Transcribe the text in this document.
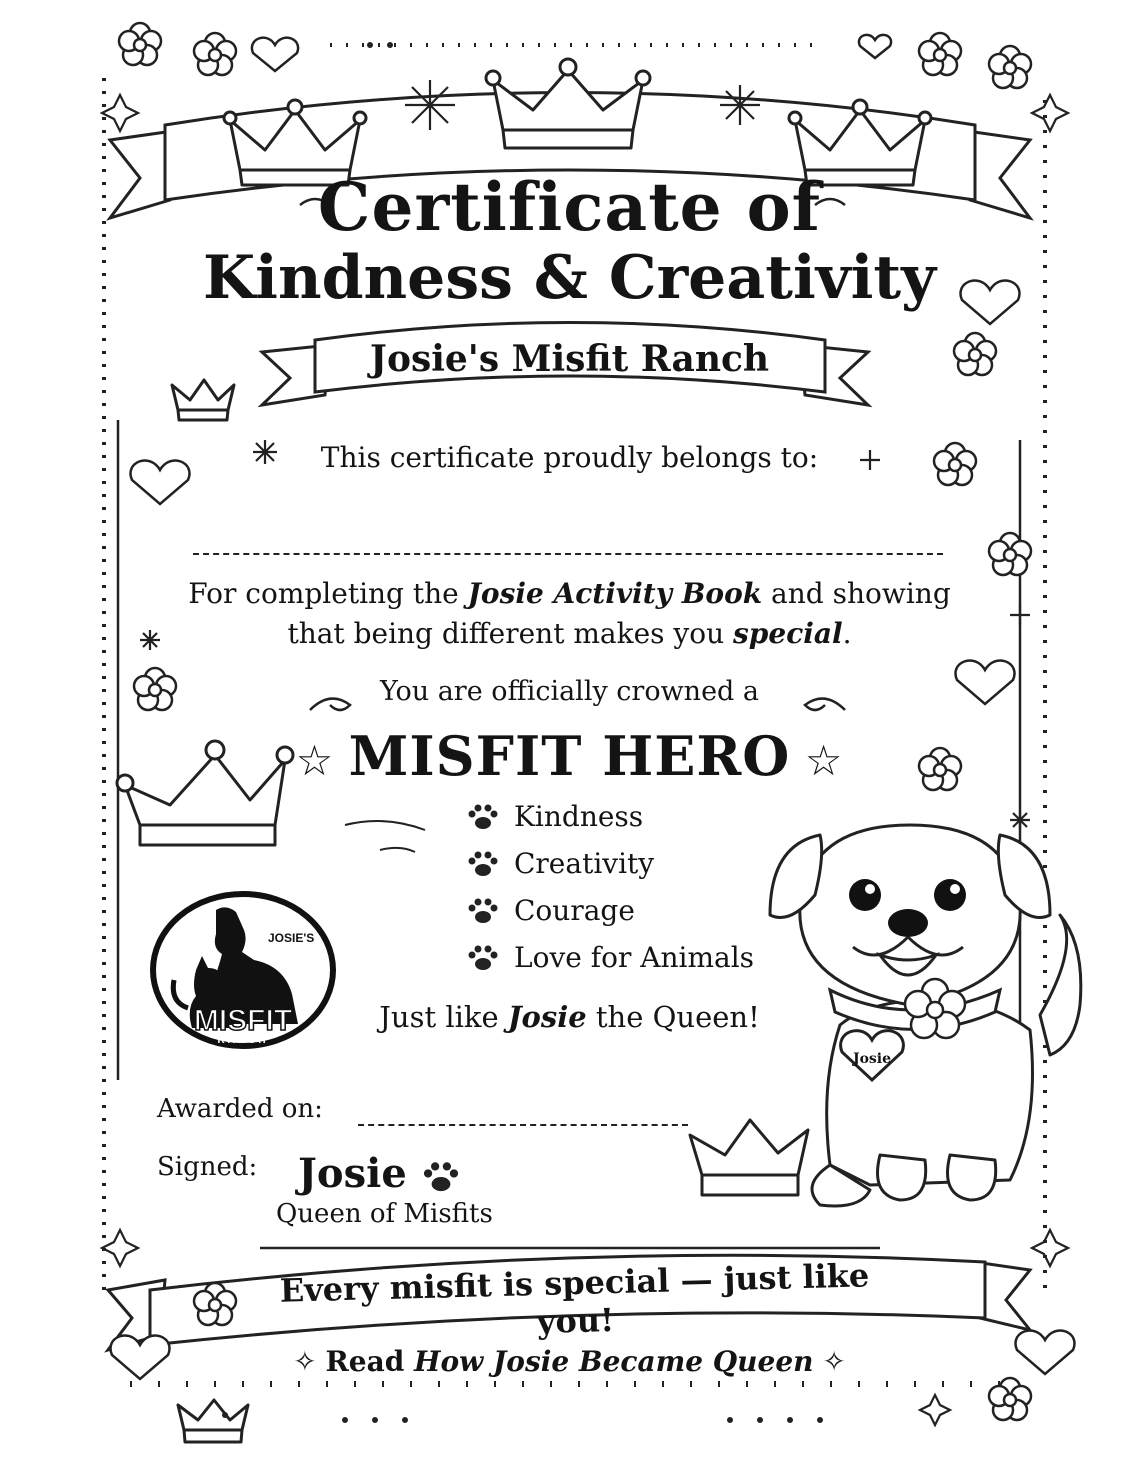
Certificate of
Kindness & Creativity
Josie's Misfit Ranch
This certificate proudly belongs to:
For completing the Josie Activity Book and showing
that being different makes you special.
You are officially crowned a
☆ MISFIT HERO ☆
Kindness
Creativity
Courage
Love for Animals
Just like Josie the Queen!
JOSIE'S
MISFIT
RANCH
Josie
Awarded on:
Signed: Josie
Queen of Misfits
Every misfit is special — just like you!
✧ Read How Josie Became Queen ✧
